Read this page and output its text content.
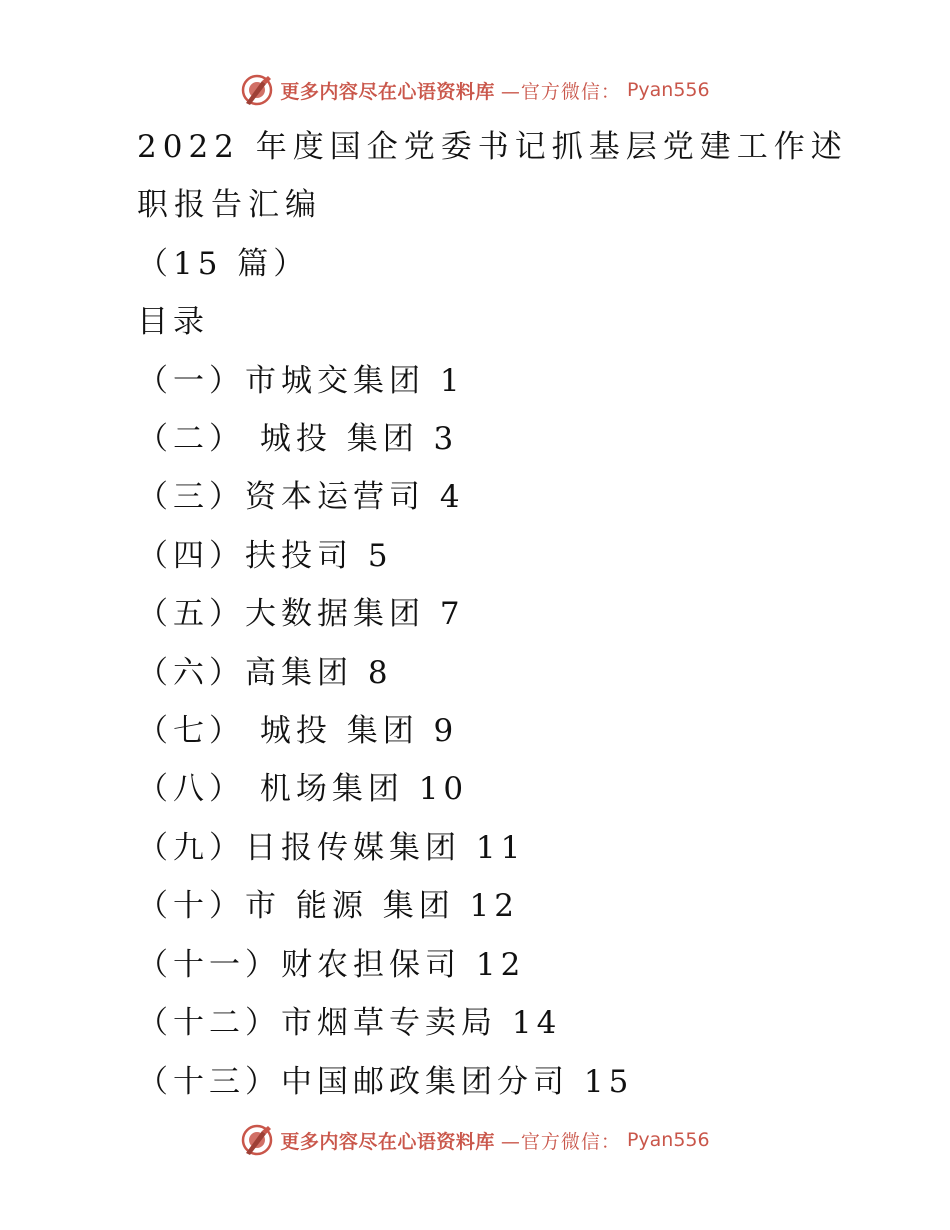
更多内容尽在心语资料库 —官方微信： Pyan556
2022 年度国企党委书记抓基层党建工作述
职报告汇编
（15 篇）
目录
（一）市城交集团 1
（二） 城投 集团 3
（三）资本运营司 4
（四）扶投司 5
（五）大数据集团 7
（六）高集团 8
（七） 城投 集团 9
（八） 机场集团 10
（九）日报传媒集团 11
（十）市 能源 集团 12
（十一）财农担保司 12
（十二）市烟草专卖局 14
（十三）中国邮政集团分司 15
更多内容尽在心语资料库 —官方微信： Pyan556
